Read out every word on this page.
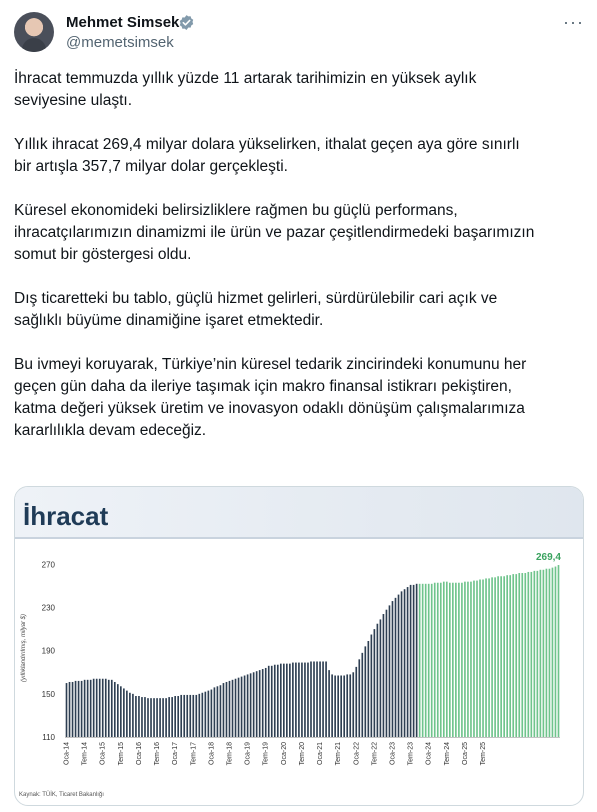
Mehmet Simsek
@memetsimsek
···

İhracat temmuzda yıllık yüzde 11 artarak tarihimizin en yüksek aylık
seviyesine ulaştı.

Yıllık ihracat 269,4 milyar dolara yükselirken, ithalat geçen aya göre sınırlı
bir artışla 357,7 milyar dolar gerçekleşti.

Küresel ekonomideki belirsizliklere rağmen bu güçlü performans,
ihracatçılarımızın dinamizmi ile ürün ve pazar çeşitlendirmedeki başarımızın
somut bir göstergesi oldu.

Dış ticaretteki bu tablo, güçlü hizmet gelirleri, sürdürülebilir cari açık ve
sağlıklı büyüme dinamiğine işaret etmektedir.

Bu ivmeyi koruyarak, Türkiye’nin küresel tedarik zincirindeki konumunu her
geçen gün daha da ileriye taşımak için makro finansal istikrarı pekiştiren,
katma değeri yüksek üretim ve inovasyon odaklı dönüşüm çalışmalarımıza
kararlılıkla devam edeceğiz.

İhracat
110
150
190
230
270
(yıllıklandırılmış, milyar $)
269,4
Oca-14 Tem-14 Oca-15 Tem-15 Oca-16 Tem-16 Oca-17 Tem-17 Oca-18 Tem-18 Oca-19 Tem-19 Oca-20 Tem-20 Oca-21 Tem-21 Oca-22 Tem-22 Oca-23 Tem-23 Oca-24 Tem-24 Oca-25 Tem-25
Kaynak: TÜİK, Ticaret Bakanlığı
